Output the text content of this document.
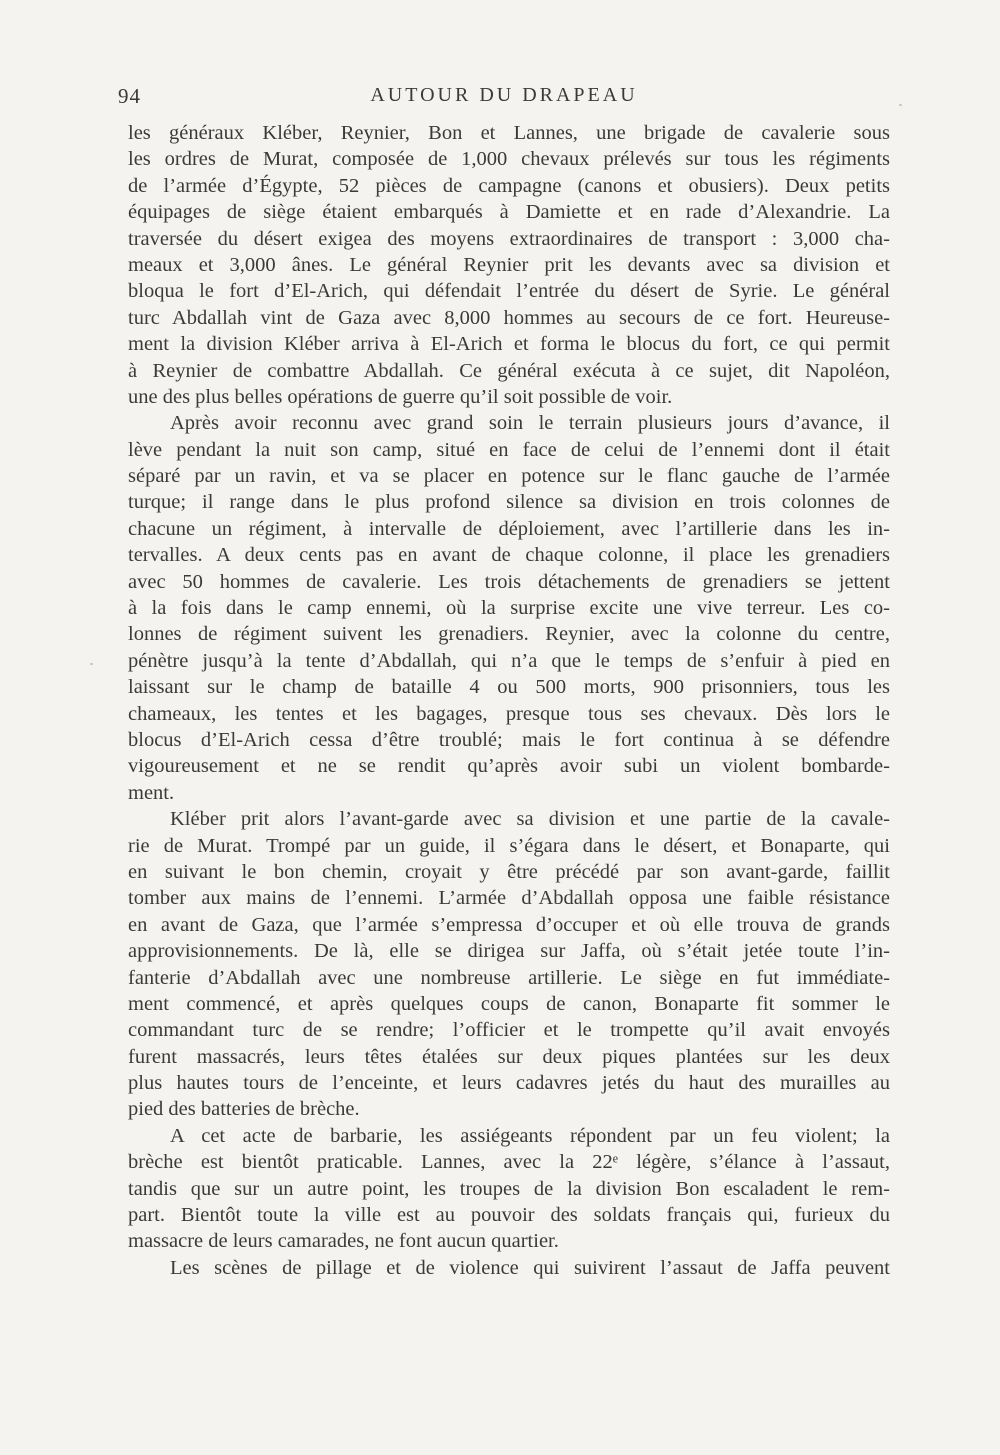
94	AUTOUR DU DRAPEAU
les généraux Kléber, Reynier, Bon et Lannes, une brigade de cavalerie sous
les ordres de Murat, composée de 1,000 chevaux prélevés sur tous les régiments
de l’armée d’Égypte, 52 pièces de campagne (canons et obusiers). Deux petits
équipages de siège étaient embarqués à Damiette et en rade d’Alexandrie. La
traversée du désert exigea des moyens extraordinaires de transport : 3,000 cha-
meaux et 3,000 ânes. Le général Reynier prit les devants avec sa division et
bloqua le fort d’El-Arich, qui défendait l’entrée du désert de Syrie. Le général
turc Abdallah vint de Gaza avec 8,000 hommes au secours de ce fort. Heureuse-
ment la division Kléber arriva à El-Arich et forma le blocus du fort, ce qui permit
à Reynier de combattre Abdallah. Ce général exécuta à ce sujet, dit Napoléon,
une des plus belles opérations de guerre qu’il soit possible de voir.
Après avoir reconnu avec grand soin le terrain plusieurs jours d’avance, il
lève pendant la nuit son camp, situé en face de celui de l’ennemi dont il était
séparé par un ravin, et va se placer en potence sur le flanc gauche de l’armée
turque; il range dans le plus profond silence sa division en trois colonnes de
chacune un régiment, à intervalle de déploiement, avec l’artillerie dans les in-
tervalles. A deux cents pas en avant de chaque colonne, il place les grenadiers
avec 50 hommes de cavalerie. Les trois détachements de grenadiers se jettent
à la fois dans le camp ennemi, où la surprise excite une vive terreur. Les co-
lonnes de régiment suivent les grenadiers. Reynier, avec la colonne du centre,
pénètre jusqu’à la tente d’Abdallah, qui n’a que le temps de s’enfuir à pied en
laissant sur le champ de bataille 4 ou 500 morts, 900 prisonniers, tous les
chameaux, les tentes et les bagages, presque tous ses chevaux. Dès lors le
blocus d’El-Arich cessa d’être troublé; mais le fort continua à se défendre
vigoureusement et ne se rendit qu’après avoir subi un violent bombarde-
ment.
Kléber prit alors l’avant-garde avec sa division et une partie de la cavale-
rie de Murat. Trompé par un guide, il s’égara dans le désert, et Bonaparte, qui
en suivant le bon chemin, croyait y être précédé par son avant-garde, faillit
tomber aux mains de l’ennemi. L’armée d’Abdallah opposa une faible résistance
en avant de Gaza, que l’armée s’empressa d’occuper et où elle trouva de grands
approvisionnements. De là, elle se dirigea sur Jaffa, où s’était jetée toute l’in-
fanterie d’Abdallah avec une nombreuse artillerie. Le siège en fut immédiate-
ment commencé, et après quelques coups de canon, Bonaparte fit sommer le
commandant turc de se rendre; l’officier et le trompette qu’il avait envoyés
furent massacrés, leurs têtes étalées sur deux piques plantées sur les deux
plus hautes tours de l’enceinte, et leurs cadavres jetés du haut des murailles au
pied des batteries de brèche.
A cet acte de barbarie, les assiégeants répondent par un feu violent; la
brèche est bientôt praticable. Lannes, avec la 22ᵉ légère, s’élance à l’assaut,
tandis que sur un autre point, les troupes de la division Bon escaladent le rem-
part. Bientôt toute la ville est au pouvoir des soldats français qui, furieux du
massacre de leurs camarades, ne font aucun quartier.
Les scènes de pillage et de violence qui suivirent l’assaut de Jaffa peuvent
